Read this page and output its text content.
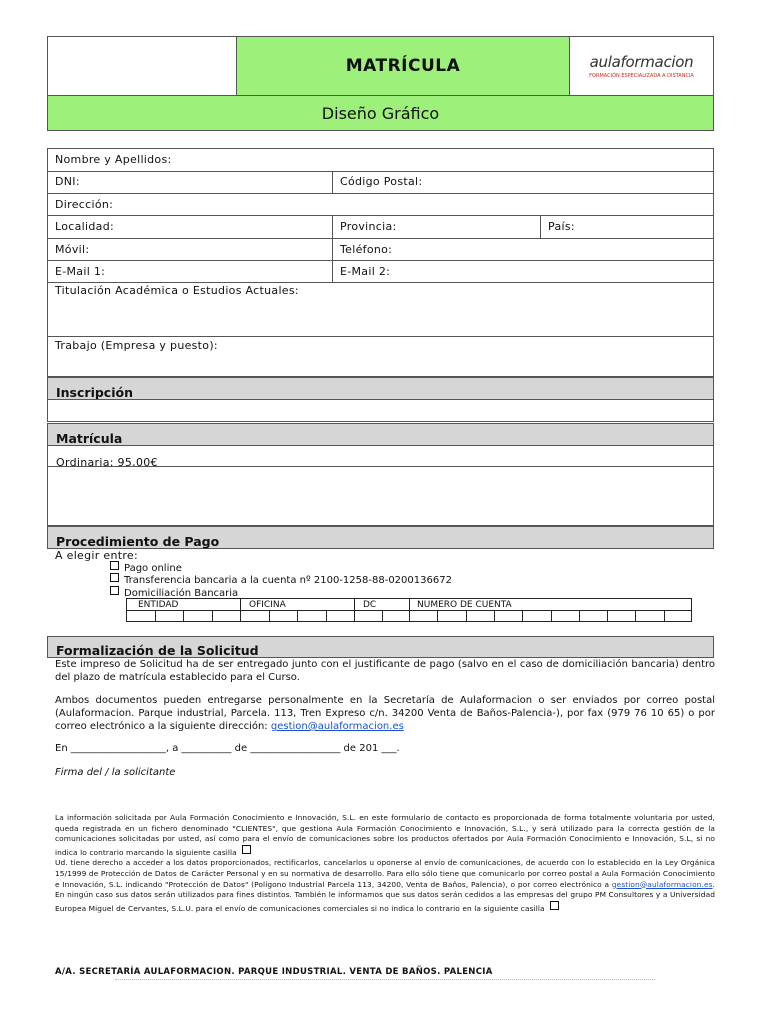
MATRÍCULA	aulaformacion
FORMACIÓN ESPECIALIZADA A DISTANCIA
Diseño Gráfico
Nombre y Apellidos:
DNI:	Código Postal:
Dirección:
Localidad:	Provincia:	País:
Móvil:	Teléfono:
E-Mail 1:	E-Mail 2:
Titulación Académica o Estudios Actuales:
Trabajo (Empresa y puesto):
Inscripción
Matrícula
Ordinaria: 95,00€
Procedimiento de Pago
A elegir entre:
Pago online
Transferencia bancaria a la cuenta nº 2100-1258-88-0200136672
Domiciliación Bancaria
ENTIDAD	OFICINA	DC	NUMERO DE CUENTA
Formalización de la Solicitud
Este impreso de Solicitud ha de ser entregado junto con el justificante de pago (salvo en el caso de domiciliación bancaria) dentro del plazo de matrícula establecido para el Curso.
Ambos documentos pueden entregarse personalmente en la Secretaría de Aulaformacion o ser enviados por correo postal (Aulaformacion. Parque industrial, Parcela. 113, Tren Expreso c/n. 34200 Venta de Baños-Palencia-), por fax (979 76 10 65) o por correo electrónico a la siguiente dirección: gestion@aulaformacion.es
En ___________________, a __________ de __________________ de 201 ___.
Firma del / la solicitante
La información solicitada por Aula Formación Conocimiento e Innovación, S.L. en este formulario de contacto es proporcionada de forma totalmente voluntaria por usted, queda registrada en un fichero denominado "CLIENTES", que gestiona Aula Formación Conocimiento e Innovación, S.L., y será utilizado para la correcta gestión de la comunicaciones solicitadas por usted, así como para el envío de comunicaciones sobre los productos ofertados por Aula Formación Conocimiento e Innovación, S.L, si no indica lo contrario marcando la siguiente casilla
Ud. tiene derecho a acceder a los datos proporcionados, rectificarlos, cancelarlos u oponerse al envío de comunicaciones, de acuerdo con lo establecido en la Ley Orgánica 15/1999 de Protección de Datos de Carácter Personal y en su normativa de desarrollo. Para ello sólo tiene que comunicarlo por correo postal a Aula Formación Conocimiento e Innovación, S.L. indicando "Protección de Datos" (Polígono Industrial Parcela 113, 34200, Venta de Baños, Palencia), o por correo electrónico a gestion@aulaformacion.es. En ningún caso sus datos serán utilizados para fines distintos. También le informamos que sus datos serán cedidos a las empresas del grupo PM Consultores y a Universidad Europea Miguel de Cervantes, S.L.U. para el envío de comunicaciones comerciales si no indica lo contrario en la siguiente casilla
A/A. SECRETARÍA AULAFORMACION. PARQUE INDUSTRIAL. VENTA DE BAÑOS. PALENCIA
